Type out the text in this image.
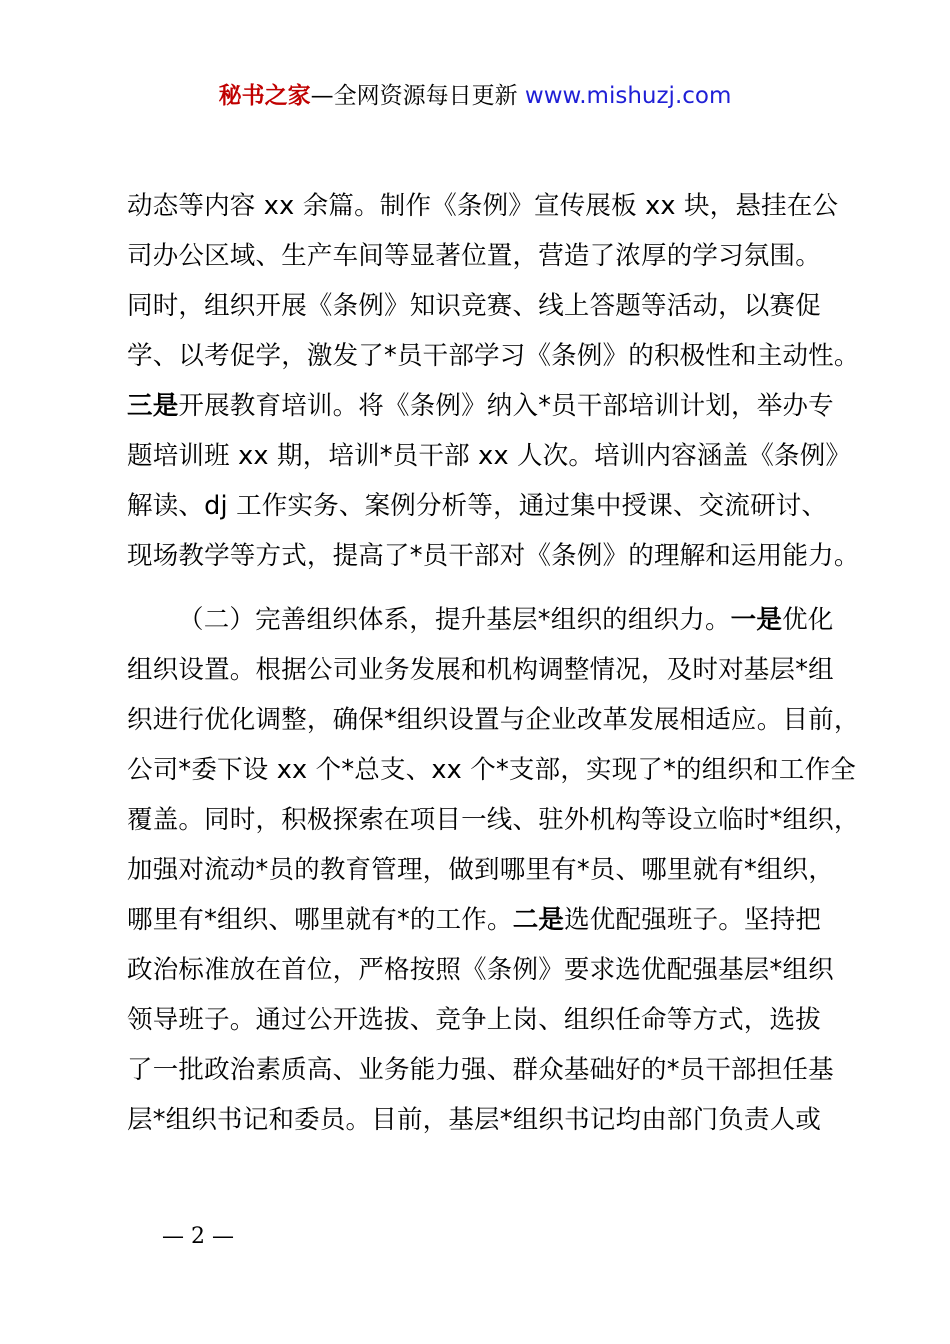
秘书之家—全网资源每日更新 www.mishuzj.com
动态等内容 xx 余篇。制作《条例》宣传展板 xx 块，悬挂在公
司办公区域、生产车间等显著位置，营造了浓厚的学习氛围。
同时，组织开展《条例》知识竞赛、线上答题等活动，以赛促
学、以考促学，激发了*员干部学习《条例》的积极性和主动性。
三是开展教育培训。将《条例》纳入*员干部培训计划，举办专
题培训班 xx 期，培训*员干部 xx 人次。培训内容涵盖《条例》
解读、dj 工作实务、案例分析等，通过集中授课、交流研讨、
现场教学等方式，提高了*员干部对《条例》的理解和运用能力。
（二）完善组织体系，提升基层*组织的组织力。一是优化
组织设置。根据公司业务发展和机构调整情况，及时对基层*组
织进行优化调整，确保*组织设置与企业改革发展相适应。目前，
公司*委下设 xx 个*总支、xx 个*支部，实现了*的组织和工作全
覆盖。同时，积极探索在项目一线、驻外机构等设立临时*组织，
加强对流动*员的教育管理，做到哪里有*员、哪里就有*组织，
哪里有*组织、哪里就有*的工作。二是选优配强班子。坚持把
政治标准放在首位，严格按照《条例》要求选优配强基层*组织
领导班子。通过公开选拔、竞争上岗、组织任命等方式，选拔
了一批政治素质高、业务能力强、群众基础好的*员干部担任基
层*组织书记和委员。目前，基层*组织书记均由部门负责人或
— 2 —
